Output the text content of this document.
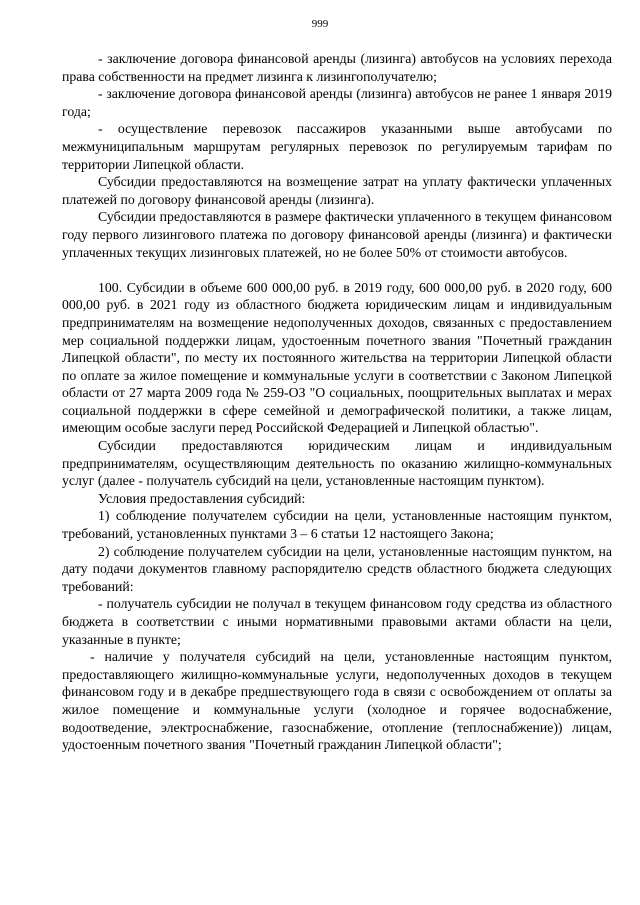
999

- заключение договора финансовой аренды (лизинга) автобусов на условиях перехода права собственности на предмет лизинга к лизингополучателю;

- заключение договора финансовой аренды (лизинга) автобусов не ранее 1 января 2019 года;

- осуществление перевозок пассажиров указанными выше автобусами по межмуниципальным маршрутам регулярных перевозок по регулируемым тарифам по территории Липецкой области.

Субсидии предоставляются на возмещение затрат на уплату фактически уплаченных платежей по договору финансовой аренды (лизинга).

Субсидии предоставляются в размере фактически уплаченного в текущем финансовом году первого лизингового платежа по договору финансовой аренды (лизинга) и фактически уплаченных текущих лизинговых платежей, но не более 50% от стоимости автобусов.

100. Субсидии в объеме 600 000,00 руб. в 2019 году, 600 000,00 руб. в 2020 году, 600 000,00 руб. в 2021 году из областного бюджета юридическим лицам и индивидуальным предпринимателям на возмещение недополученных доходов, связанных с предоставлением мер социальной поддержки лицам, удостоенным почетного звания "Почетный гражданин Липецкой области", по месту их постоянного жительства на территории Липецкой области по оплате за жилое помещение и коммунальные услуги в соответствии с Законом Липецкой области от 27 марта 2009 года № 259-ОЗ "О социальных, поощрительных выплатах и мерах социальной поддержки в сфере семейной и демографической политики, а также лицам, имеющим особые заслуги перед Российской Федерацией и Липецкой областью".

Субсидии предоставляются юридическим лицам и индивидуальным предпринимателям, осуществляющим деятельность по оказанию жилищно-коммунальных услуг (далее - получатель субсидий на цели, установленные настоящим пунктом).

Условия предоставления субсидий:

1) соблюдение получателем субсидии на цели, установленные настоящим пунктом, требований, установленных пунктами 3 – 6 статьи 12 настоящего Закона;

2) соблюдение получателем субсидии на цели, установленные настоящим пунктом, на дату подачи документов главному распорядителю средств областного бюджета следующих требований:

- получатель субсидии не получал в текущем финансовом году средства из областного бюджета в соответствии с иными нормативными правовыми актами области на цели, указанные в пункте;

- наличие у получателя субсидий на цели, установленные настоящим пунктом, предоставляющего жилищно-коммунальные услуги, недополученных доходов в текущем финансовом году и в декабре предшествующего года в связи с освобождением от оплаты за жилое помещение и коммунальные услуги (холодное и горячее водоснабжение, водоотведение, электроснабжение, газоснабжение, отопление (теплоснабжение)) лицам, удостоенным почетного звания "Почетный гражданин Липецкой области";
